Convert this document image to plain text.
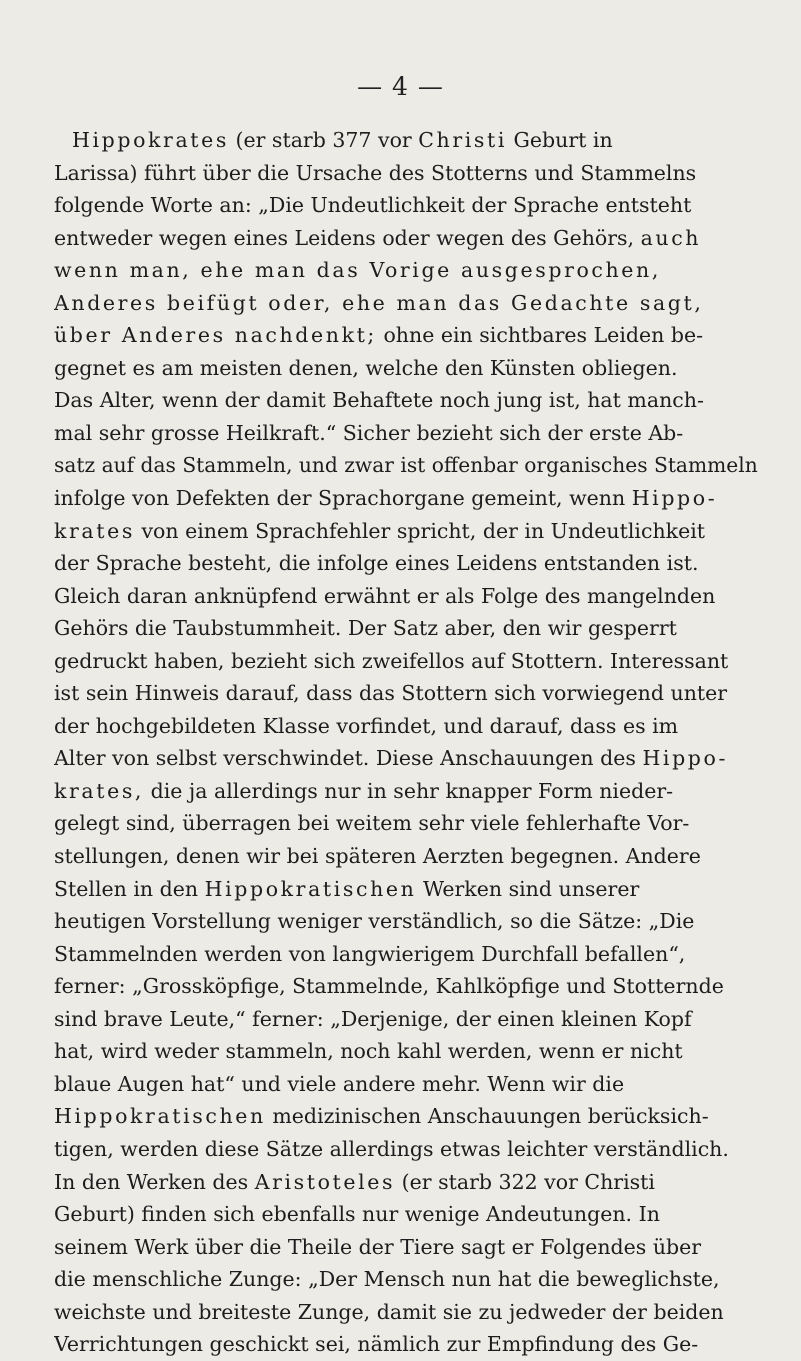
— 4 —
Hippokrates (er starb 377 vor Christi Geburt in
Larissa) führt über die Ursache des Stotterns und Stammelns
folgende Worte an: „Die Undeutlichkeit der Sprache entsteht
entweder wegen eines Leidens oder wegen des Gehörs, auch
wenn man, ehe man das Vorige ausgesprochen,
Anderes beifügt oder, ehe man das Gedachte sagt,
über Anderes nachdenkt; ohne ein sichtbares Leiden be-
gegnet es am meisten denen, welche den Künsten obliegen.
Das Alter, wenn der damit Behaftete noch jung ist, hat manch-
mal sehr grosse Heilkraft.“ Sicher bezieht sich der erste Ab-
satz auf das Stammeln, und zwar ist offenbar organisches Stammeln
infolge von Defekten der Sprachorgane gemeint, wenn Hippo-
krates von einem Sprachfehler spricht, der in Undeutlichkeit
der Sprache besteht, die infolge eines Leidens entstanden ist.
Gleich daran anknüpfend erwähnt er als Folge des mangelnden
Gehörs die Taubstummheit. Der Satz aber, den wir gesperrt
gedruckt haben, bezieht sich zweifellos auf Stottern. Interessant
ist sein Hinweis darauf, dass das Stottern sich vorwiegend unter
der hochgebildeten Klasse vorfindet, und darauf, dass es im
Alter von selbst verschwindet. Diese Anschauungen des Hippo-
krates, die ja allerdings nur in sehr knapper Form nieder-
gelegt sind, überragen bei weitem sehr viele fehlerhafte Vor-
stellungen, denen wir bei späteren Aerzten begegnen. Andere
Stellen in den Hippokratischen Werken sind unserer
heutigen Vorstellung weniger verständlich, so die Sätze: „Die
Stammelnden werden von langwierigem Durchfall befallen“,
ferner: „Grossköpfige, Stammelnde, Kahlköpfige und Stotternde
sind brave Leute,“ ferner: „Derjenige, der einen kleinen Kopf
hat, wird weder stammeln, noch kahl werden, wenn er nicht
blaue Augen hat“ und viele andere mehr. Wenn wir die
Hippokratischen medizinischen Anschauungen berücksich-
tigen, werden diese Sätze allerdings etwas leichter verständlich.
In den Werken des Aristoteles (er starb 322 vor Christi
Geburt) finden sich ebenfalls nur wenige Andeutungen. In
seinem Werk über die Theile der Tiere sagt er Folgendes über
die menschliche Zunge: „Der Mensch nun hat die beweglichste,
weichste und breiteste Zunge, damit sie zu jedweder der beiden
Verrichtungen geschickt sei, nämlich zur Empfindung des Ge-
